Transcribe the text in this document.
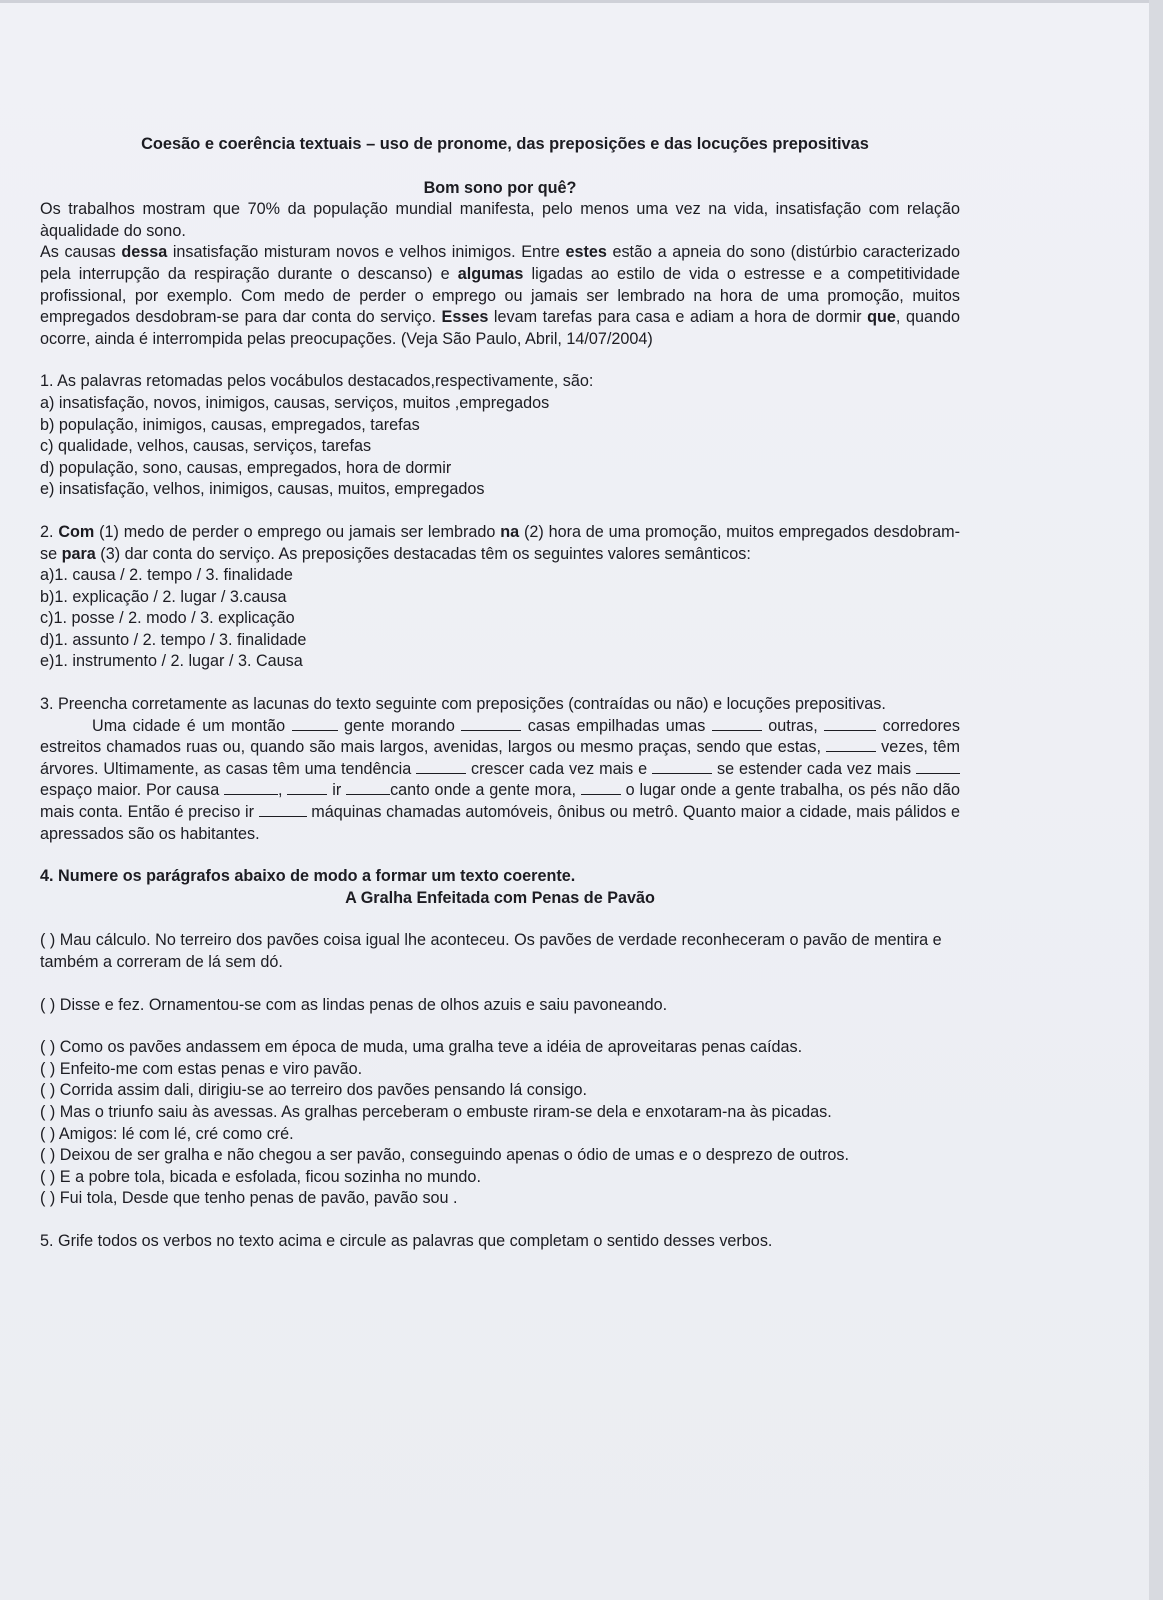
Coesão e coerência textuais – uso de pronome, das preposições e das locuções prepositivas

Bom sono por quê?

Os trabalhos mostram que 70% da população mundial manifesta, pelo menos uma vez na vida, insatisfação com relação àqualidade do sono.

As causas dessa insatisfação misturam novos e velhos inimigos. Entre estes estão a apneia do sono (distúrbio caracterizado pela interrupção da respiração durante o descanso) e algumas ligadas ao estilo de vida o estresse e a competitividade profissional, por exemplo. Com medo de perder o emprego ou jamais ser lembrado na hora de uma promoção, muitos empregados desdobram-se para dar conta do serviço. Esses levam tarefas para casa e adiam a hora de dormir que, quando ocorre, ainda é interrompida pelas preocupações. (Veja São Paulo, Abril, 14/07/2004)

1. As palavras retomadas pelos vocábulos destacados,respectivamente, são:

a) insatisfação, novos, inimigos, causas, serviços, muitos ,empregados

b) população, inimigos, causas, empregados, tarefas

c) qualidade, velhos, causas, serviços, tarefas

d) população, sono, causas, empregados, hora de dormir

e) insatisfação, velhos, inimigos, causas, muitos, empregados

2. Com (1) medo de perder o emprego ou jamais ser lembrado na (2) hora de uma promoção, muitos empregados desdobram-se para (3) dar conta do serviço. As preposições destacadas têm os seguintes valores semânticos:

a)1. causa / 2. tempo / 3. finalidade

b)1. explicação / 2. lugar / 3.causa

c)1. posse / 2. modo / 3. explicação

d)1. assunto / 2. tempo / 3. finalidade

e)1. instrumento / 2. lugar / 3. Causa

3. Preencha corretamente as lacunas do texto seguinte com preposições (contraídas ou não) e locuções prepositivas.

Uma cidade é um montão	gente morando	casas empilhadas umas	outras,	corredores estreitos chamados ruas ou, quando são mais largos, avenidas, largos ou mesmo praças, sendo que estas,	vezes, têm árvores. Ultimamente, as casas têm uma tendência	crescer cada vez mais e	se estender cada vez mais  espaço maior. Por causa	,  ir	canto onde a gente mora,  o lugar onde a gente trabalha, os pés não dão mais conta. Então é preciso ir	máquinas chamadas automóveis, ônibus ou metrô. Quanto maior a cidade, mais pálidos e apressados são os habitantes.

4. Numere os parágrafos abaixo de modo a formar um texto coerente.

A Gralha Enfeitada com Penas de Pavão

( ) Mau cálculo. No terreiro dos pavões coisa igual lhe aconteceu. Os pavões de verdade reconheceram o pavão de mentira e também a correram de lá sem dó.

( ) Disse e fez. Ornamentou-se com as lindas penas de olhos azuis e saiu pavoneando.

( ) Como os pavões andassem em época de muda, uma gralha teve a idéia de aproveitaras penas caídas.

( ) Enfeito-me com estas penas e viro pavão.

( ) Corrida assim dali, dirigiu-se ao terreiro dos pavões pensando lá consigo.

( ) Mas o triunfo saiu às avessas. As gralhas perceberam o embuste riram-se dela e enxotaram-na às picadas.

( ) Amigos: lé com lé, cré como cré.

( ) Deixou de ser gralha e não chegou a ser pavão, conseguindo apenas o ódio de umas e o desprezo de outros.

( ) E a pobre tola, bicada e esfolada, ficou sozinha no mundo.

( ) Fui tola, Desde que tenho penas de pavão, pavão sou .

5. Grife todos os verbos no texto acima e circule as palavras que completam o sentido desses verbos.
